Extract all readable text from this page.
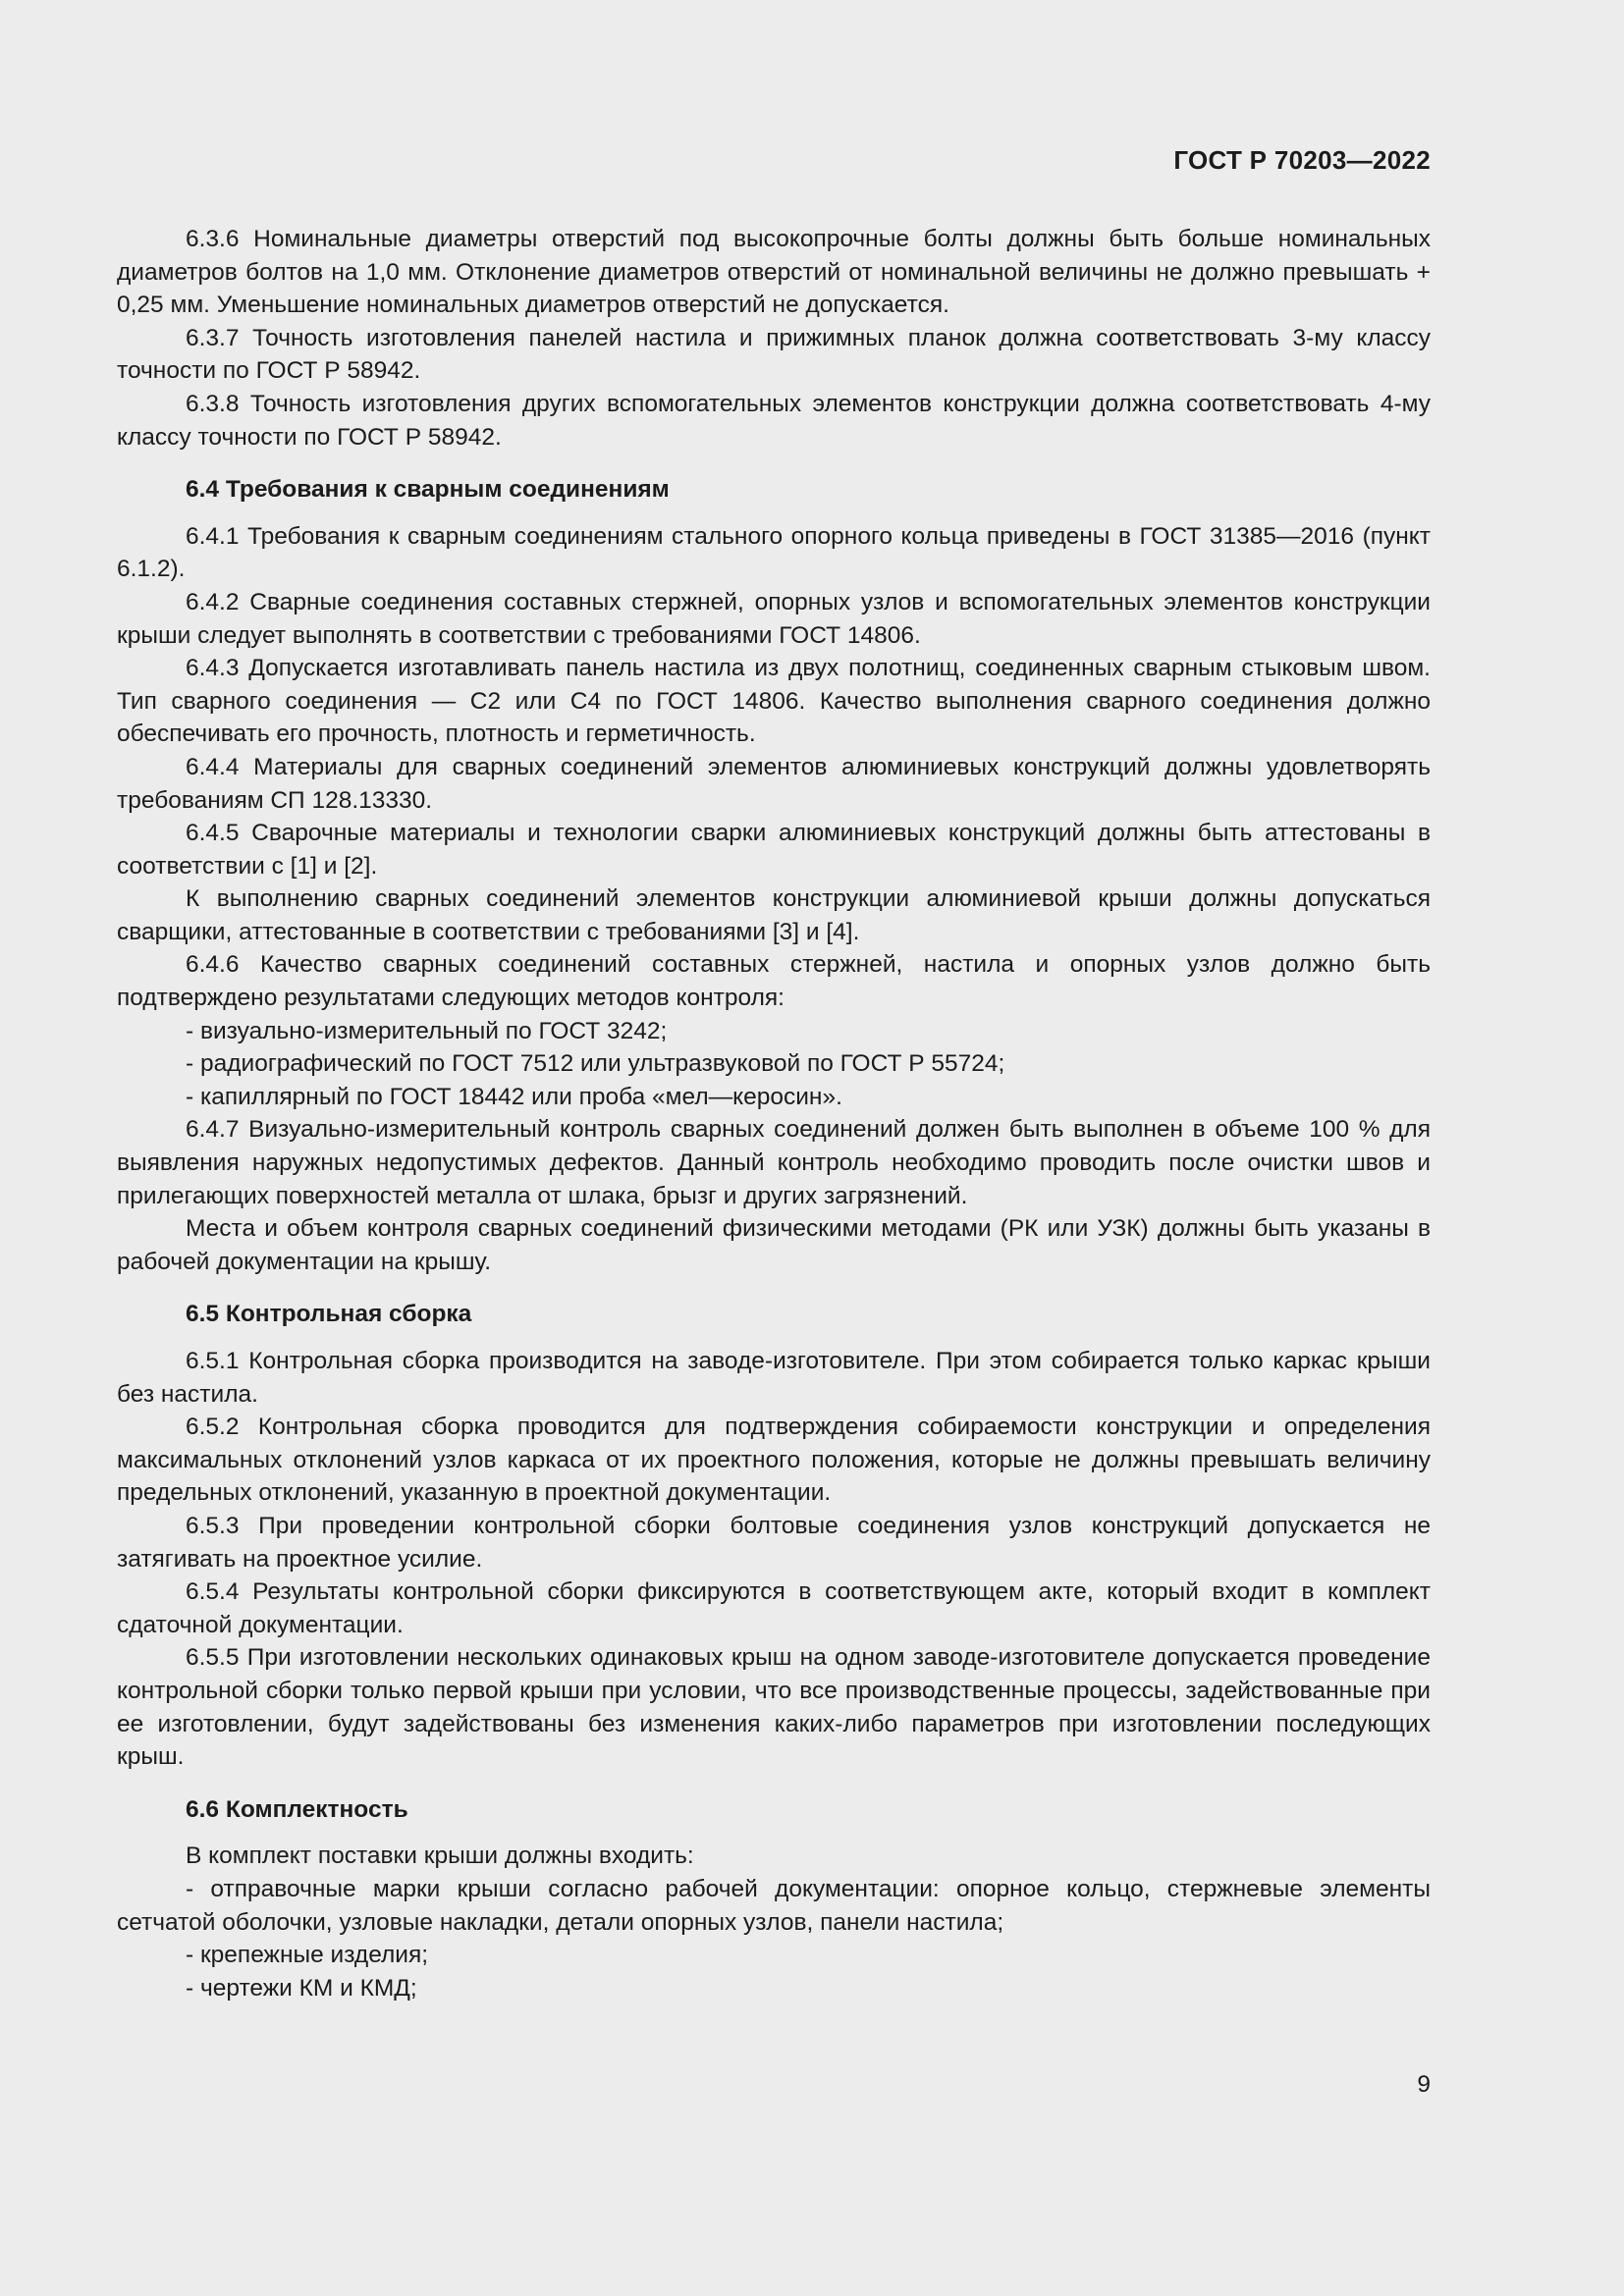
ГОСТ Р 70203—2022

6.3.6 Номинальные диаметры отверстий под высокопрочные болты должны быть больше номинальных диаметров болтов на 1,0 мм. Отклонение диаметров отверстий от номинальной величины не должно превышать + 0,25 мм. Уменьшение номинальных диаметров отверстий не допускается.

6.3.7 Точность изготовления панелей настила и прижимных планок должна соответствовать 3-му классу точности по ГОСТ Р 58942.

6.3.8 Точность изготовления других вспомогательных элементов конструкции должна соответствовать 4-му классу точности по ГОСТ Р 58942.

6.4 Требования к сварным соединениям

6.4.1 Требования к сварным соединениям стального опорного кольца приведены в ГОСТ 31385—2016 (пункт 6.1.2).

6.4.2 Сварные соединения составных стержней, опорных узлов и вспомогательных элементов конструкции крыши следует выполнять в соответствии с требованиями ГОСТ 14806.

6.4.3 Допускается изготавливать панель настила из двух полотнищ, соединенных сварным стыковым швом. Тип сварного соединения — С2 или С4 по ГОСТ 14806. Качество выполнения сварного соединения должно обеспечивать его прочность, плотность и герметичность.

6.4.4 Материалы для сварных соединений элементов алюминиевых конструкций должны удовлетворять требованиям СП 128.13330.

6.4.5 Сварочные материалы и технологии сварки алюминиевых конструкций должны быть аттестованы в соответствии с [1] и [2].

К выполнению сварных соединений элементов конструкции алюминиевой крыши должны допускаться сварщики, аттестованные в соответствии с требованиями [3] и [4].

6.4.6 Качество сварных соединений составных стержней, настила и опорных узлов должно быть подтверждено результатами следующих методов контроля:

- визуально-измерительный по ГОСТ 3242;

- радиографический по ГОСТ 7512 или ультразвуковой по ГОСТ Р 55724;

- капиллярный по ГОСТ 18442 или проба «мел—керосин».

6.4.7 Визуально-измерительный контроль сварных соединений должен быть выполнен в объеме 100 % для выявления наружных недопустимых дефектов. Данный контроль необходимо проводить после очистки швов и прилегающих поверхностей металла от шлака, брызг и других загрязнений.

Места и объем контроля сварных соединений физическими методами (РК или УЗК) должны быть указаны в рабочей документации на крышу.

6.5 Контрольная сборка

6.5.1 Контрольная сборка производится на заводе-изготовителе. При этом собирается только каркас крыши без настила.

6.5.2 Контрольная сборка проводится для подтверждения собираемости конструкции и определения максимальных отклонений узлов каркаса от их проектного положения, которые не должны превышать величину предельных отклонений, указанную в проектной документации.

6.5.3 При проведении контрольной сборки болтовые соединения узлов конструкций допускается не затягивать на проектное усилие.

6.5.4 Результаты контрольной сборки фиксируются в соответствующем акте, который входит в комплект сдаточной документации.

6.5.5 При изготовлении нескольких одинаковых крыш на одном заводе-изготовителе допускается проведение контрольной сборки только первой крыши при условии, что все производственные процессы, задействованные при ее изготовлении, будут задействованы без изменения каких-либо параметров при изготовлении последующих крыш.

6.6 Комплектность

В комплект поставки крыши должны входить:

- отправочные марки крыши согласно рабочей документации: опорное кольцо, стержневые элементы сетчатой оболочки, узловые накладки, детали опорных узлов, панели настила;

- крепежные изделия;

- чертежи КМ и КМД;

9
